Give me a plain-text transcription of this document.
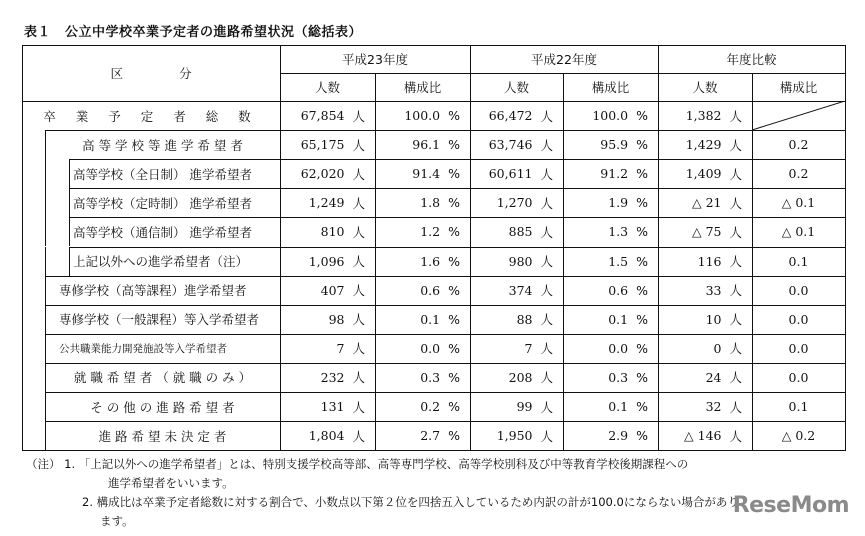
表１ 公立中学校卒業予定者の進路希望状況（総括表）
区	分
平成23年度
人数	構成比
平成22年度
人数	構成比
年度比較
人数	構成比
卒 業 予 定 者 総 数	67,854 人	100.0 % 66,472 人	100.0 %	1,382 人
高 等 学 校 等 進 学 希 望 者	65,175 人	96.1 % 63,746 人	95.9 %	1,429 人	0.2
高等学校（全日制） 進学希望者	62,020 人	91.4 % 60,611 人	91.2 %	1,409 人	0.2
高等学校（定時制） 進学希望者	1,249 人	1.8 %	1,270 人	1.9 %	△ 21 人	△ 0.1
高等学校（通信制） 進学希望者	810 人	1.2 %	885 人	1.3 %	△ 75 人	△ 0.1
上記以外への進学希望者（注）	1,096 人	1.6 %	980 人	1.5 %	116 人	0.1
専修学校（高等課程）進学希望者	407 人	0.6 %	374 人	0.6 %	33 人	0.0
専修学校（一般課程）等入学希望者	98 人	0.1 %	88 人	0.1 %	10 人	0.0
公共職業能力開発施設等入学希望者	7 人	0.0 %	7 人	0.0 %	0 人	0.0
就 職 希 望 者 （ 就 職 の み ）	232 人	0.3 %	208 人	0.3 %	24 人	0.0
そ の 他 の 進 路 希 望 者	131 人	0.2 %	99 人	0.1 %	32 人	0.1
進 路 希 望 未 決 定 者	1,804 人	2.7 %	1,950 人	2.9 %	△ 146 人	△ 0.2
（注） 1. 「上記以外への進学希望者」とは、特別支援学校高等部、高等専門学校、高等学校別科及び中等教育学校後期課程への
進学希望者をいいます。
2. 構成比は卒業予定者総数に対する割合で、小数点以下第２位を四捨五入しているため内訳の計が100.0にならない場合があり
ます。
ReseMom
